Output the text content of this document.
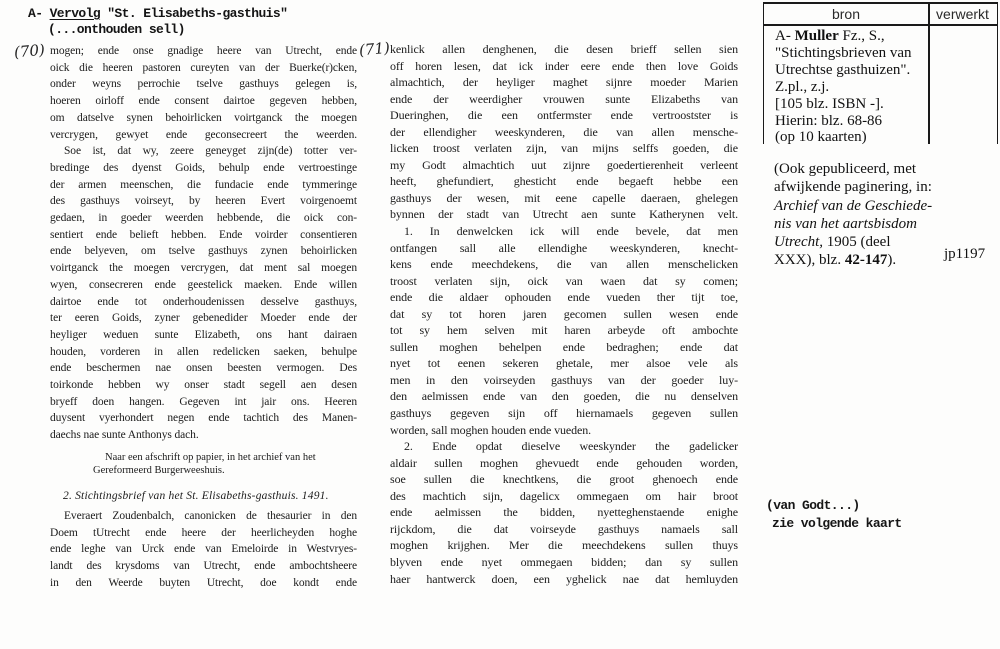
A- Vervolg "St. Elisabeths-gasthuis"
(...onthouden sell)
(70)	(71)
mogen; ende onse gnadige heere van Utrecht, ende
oick die heeren pastoren cureyten van der Buerke(r)cken,
onder weyns perrochie tselve gasthuys gelegen is,
hoeren oirloff ende consent dairtoe gegeven hebben,
om datselve synen behoirlicken voirtganck the moegen
vercrygen, gewyet ende geconsecreert the weerden.
Soe ist, dat wy, zeere geneyget zijn(de) totter ver-
bredinge des dyenst Goids, behulp ende vertroestinge
der armen meenschen, die fundacie ende tymmeringe
des gasthuys voirseyt, by heeren Evert voirgenoemt
gedaen, in goeder weerden hebbende, die oick con-
sentiert ende belieft hebben. Ende voirder consentieren
ende belyeven, om tselve gasthuys zynen behoirlicken
voirtganck the moegen vercrygen, dat ment sal moegen
wyen, consecreren ende geestelick maeken. Ende willen
dairtoe ende tot onderhoudenissen desselve gasthuys,
ter eeren Goids, zyner gebenedider Moeder ende der
heyliger weduen sunte Elizabeth, ons hant dairaen
houden, vorderen in allen redelicken saeken, behulpe
ende beschermen nae onsen beesten vermogen. Des
toirkonde hebben wy onser stadt segell aen desen
bryeff doen hangen. Gegeven int jair ons. Heeren
duysent vyerhondert negen ende tachtich des Manen-
daechs nae sunte Anthonys dach.
Naar een afschrift op papier, in het archief van het
Gereformeerd Burgerweeshuis.
2. Stichtingsbrief van het St. Elisabeths-gasthuis. 1491.
Everaert Zoudenbalch, canonicken de thesaurier in den
Doem tUtrecht ende heere der heerlicheyden hoghe
ende leghe van Urck ende van Emeloirde in Westvryes-
landt des krysdoms van Utrecht, ende ambochtsheere
in den Weerde buyten Utrecht, doe kondt ende
kenlick allen denghenen, die desen brieff sellen sien
off horen lesen, dat ick inder eere ende then love Goids
almachtich, der heyliger maghet sijnre moeder Marien
ende der weerdigher vrouwen sunte Elizabeths van
Dueringhen, die een ontfermster ende vertroostster is
der ellendigher weeskynderen, die van allen mensche-
licken troost verlaten zijn, van mijns selffs goeden, die
my Godt almachtich uut zijnre goedertierenheit verleent
heeft, ghefundiert, ghesticht ende begaeft hebbe een
gasthuys der wesen, mit eene capelle daeraen, ghelegen
bynnen der stadt van Utrecht aen sunte Katherynen velt.
1. In denwelcken ick will ende bevele, dat men
ontfangen sall alle ellendighe weeskynderen, knecht-
kens ende meechdekens, die van allen menschelicken
troost verlaten sijn, oick van waen dat sy comen;
ende die aldaer ophouden ende vueden ther tijt toe,
dat sy tot horen jaren gecomen sullen wesen ende
tot sy hem selven mit haren arbeyde oft ambochte
sullen moghen behelpen ende bedraghen; ende dat
nyet tot eenen sekeren ghetale, mer alsoe vele als
men in den voirseyden gasthuys van der goeder luy-
den aelmissen ende van den goeden, die nu denselven
gasthuys gegeven sijn off hiernamaels gegeven sullen
worden, sall moghen houden ende vueden.
2. Ende opdat dieselve weeskynder the gadelicker
aldair sullen moghen ghevuedt ende gehouden worden,
soe sullen die knechtkens, die groot ghenoech ende
des machtich sijn, dagelicx ommegaen om hair broot
ende aelmissen the bidden, nyetteghenstaende enighe
rijckdom, die dat voirseyde gasthuys namaels sall
moghen krijghen. Mer die meechdekens sullen thuys
blyven ende nyet ommegaen bidden; dan sy sullen
haer hantwerck doen, een yghelick nae dat hemluyden
bron	verwerkt
A- Muller Fz., S.,
"Stichtingsbrieven van
Utrechtse gasthuizen".
Z.pl., z.j.
[105 blz. ISBN -].
Hierin: blz. 68-86
(op 10 kaarten)
(Ook gepubliceerd, met
afwijkende paginering, in:
Archief van de Geschiede-
nis van het aartsbisdom
Utrecht, 1905 (deel
XXX), blz. 42-147).	jp1197
(van Godt...)
zie volgende kaart
